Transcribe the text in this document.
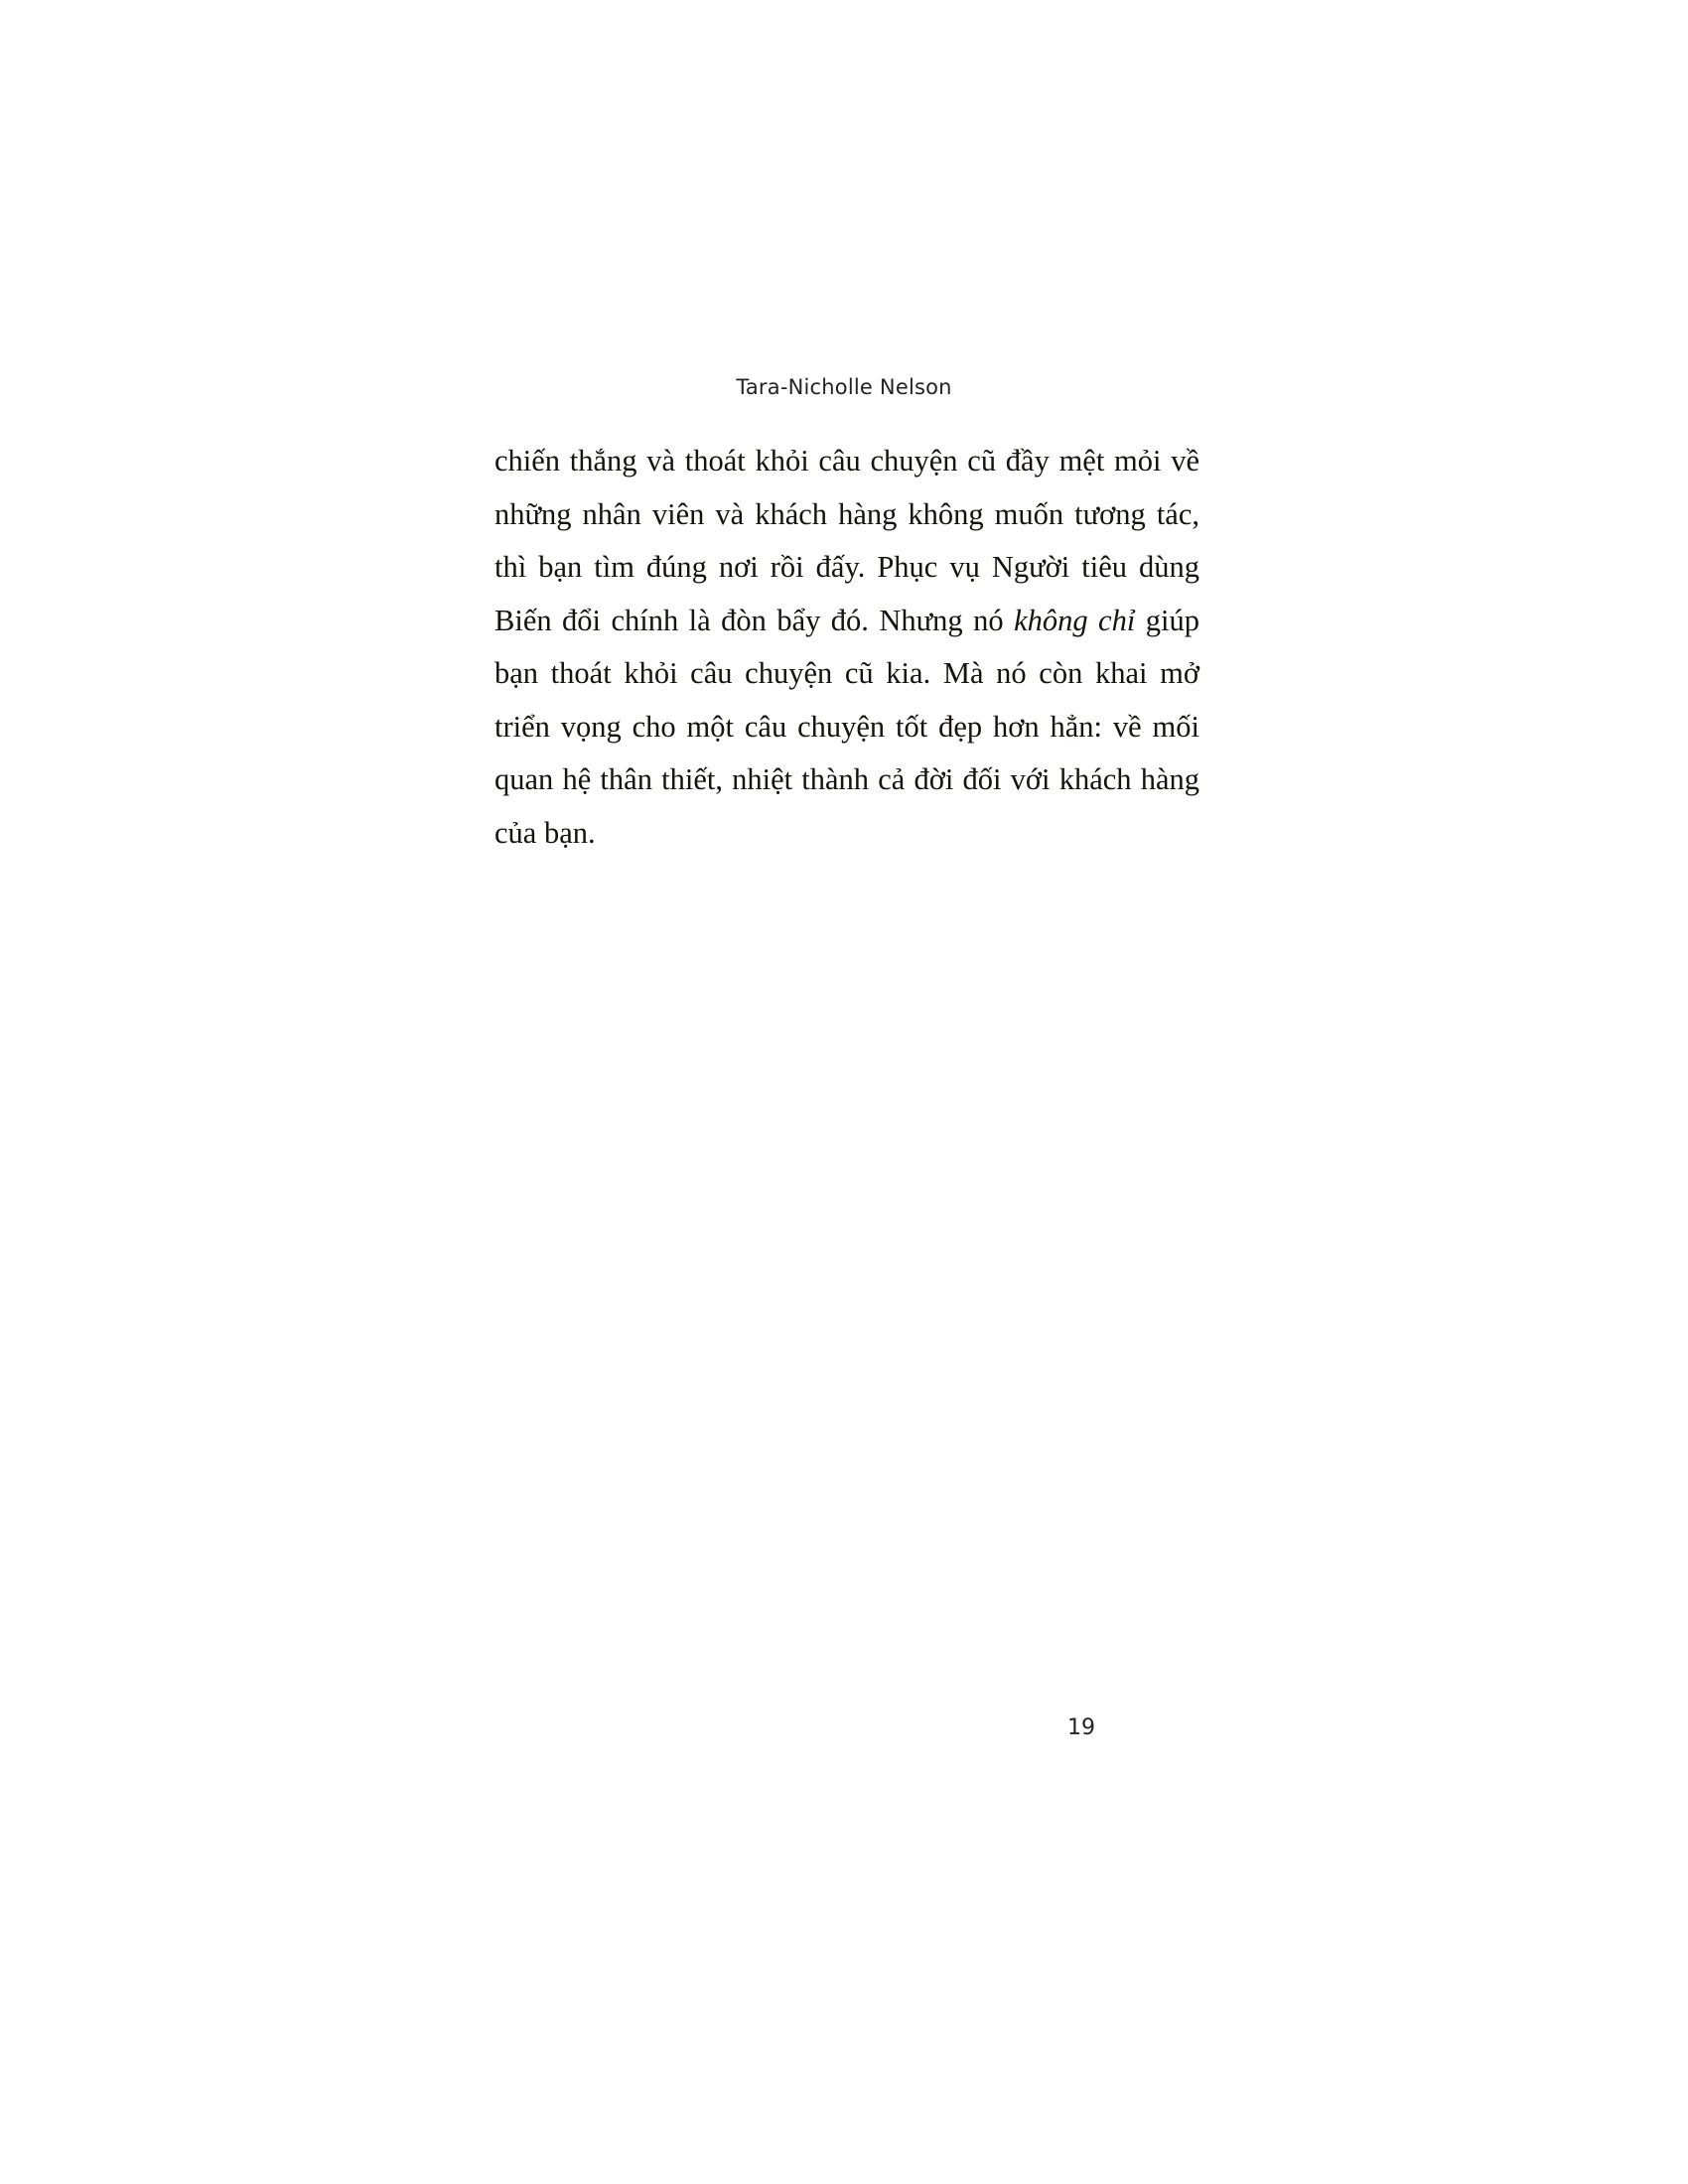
Tara-Nicholle Nelson

chiến thắng và thoát khỏi câu chuyện cũ đầy mệt mỏi về những nhân viên và khách hàng không muốn tương tác, thì bạn tìm đúng nơi rồi đấy. Phục vụ Người tiêu dùng Biến đổi chính là đòn bẩy đó. Nhưng nó không chỉ giúp bạn thoát khỏi câu chuyện cũ kia. Mà nó còn khai mở triển vọng cho một câu chuyện tốt đẹp hơn hẳn: về mối quan hệ thân thiết, nhiệt thành cả đời đối với khách hàng của bạn.

19
